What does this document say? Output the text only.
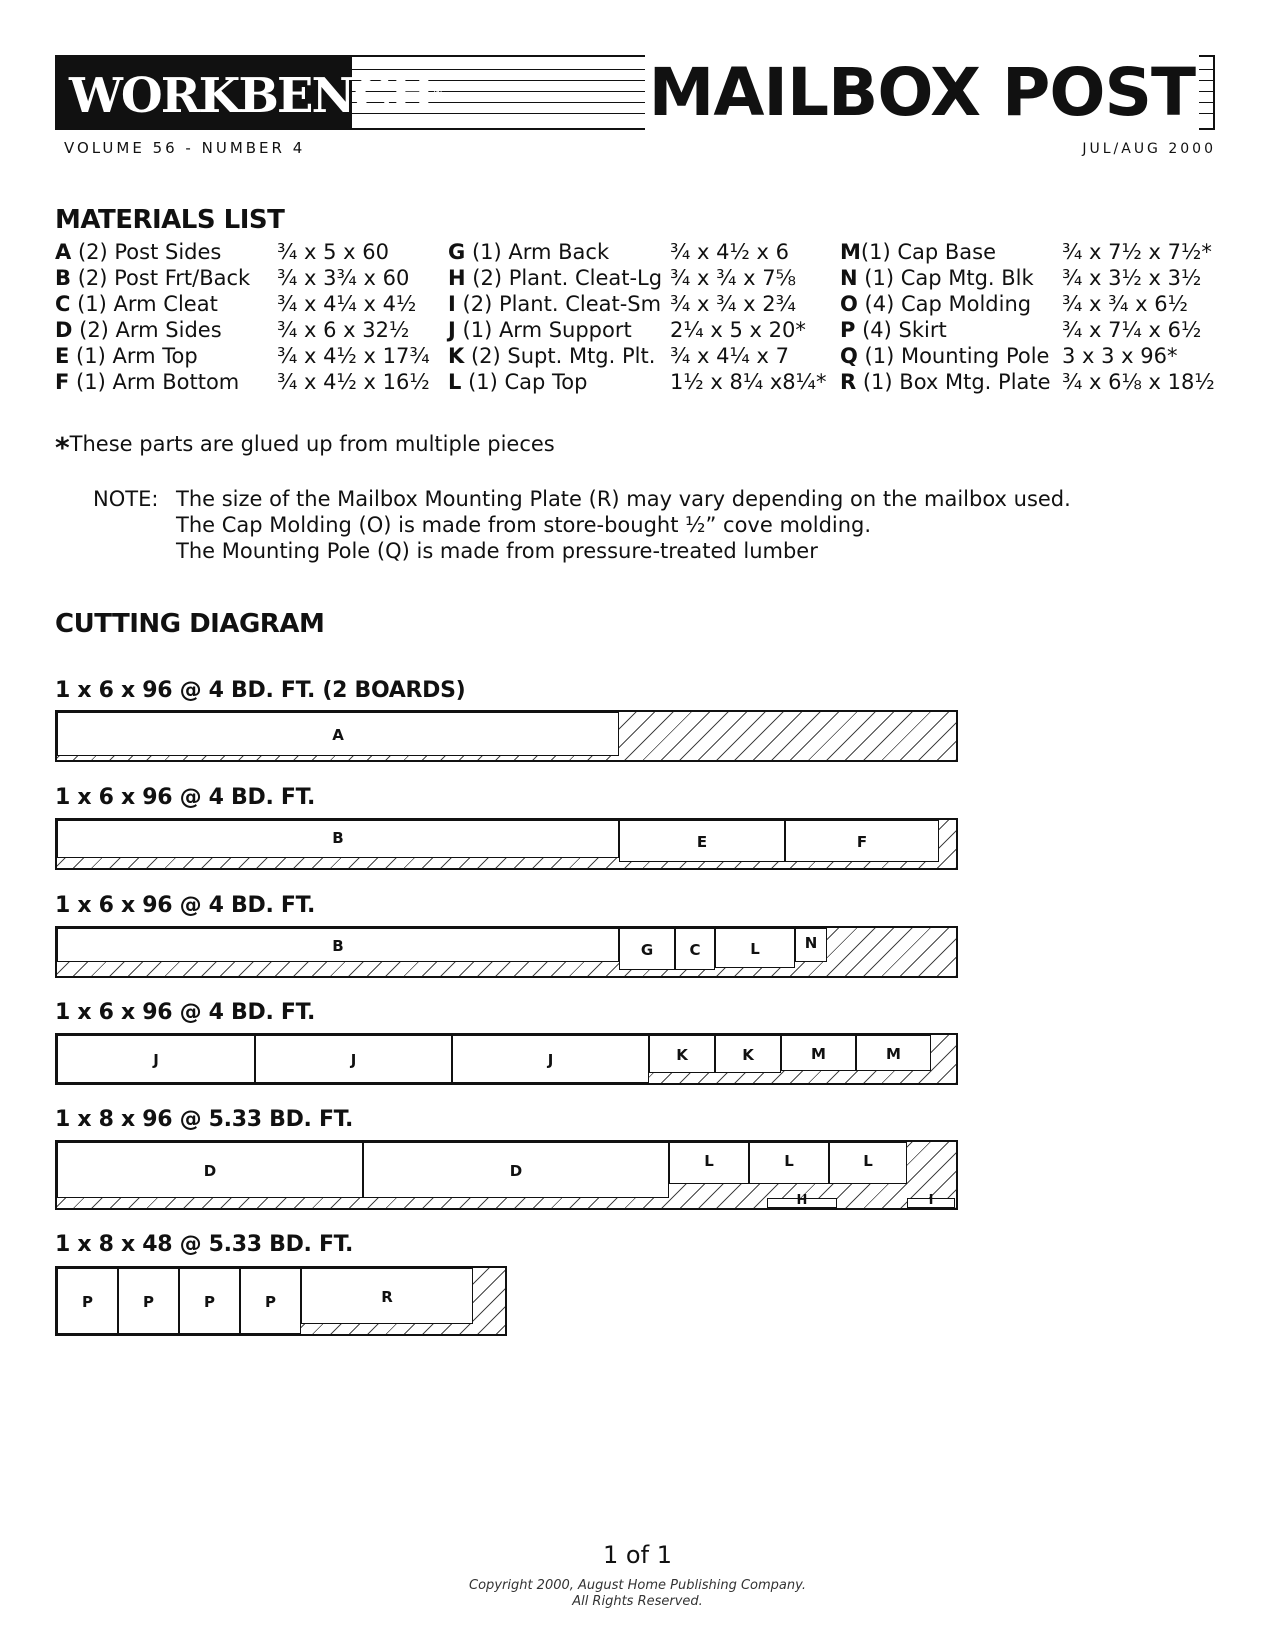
WORKBENCH®	MAILBOX POST
VOLUME 56 - NUMBER 4	JUL/AUG 2000
MATERIALS LIST
A (2) Post Sides	¾ x 5 x 60
B (2) Post Frt/Back ¾ x 3¾ x 60
C (1) Arm Cleat	¾ x 4¼ x 4½
D (2) Arm Sides	¾ x 6 x 32½
E (1) Arm Top	¾ x 4½ x 17¾
F (1) Arm Bottom ¾ x 4½ x 16½
G (1) Arm Back	¾ x 4½ x 6
H (2) Plant. Cleat-Lg ¾ x ¾ x 7⅝
I (2) Plant. Cleat-Sm ¾ x ¾ x 2¾
J (1) Arm Support 2¼ x 5 x 20*
K (2) Supt. Mtg. Plt. ¾ x 4¼ x 7
L (1) Cap Top	1½ x 8¼ x8¼*
M(1) Cap Base	¾ x 7½ x 7½*
N (1) Cap Mtg. Blk ¾ x 3½ x 3½
O (4) Cap Molding ¾ x ¾ x 6½
P (4) Skirt	¾ x 7¼ x 6½
Q (1) Mounting Pole 3 x 3 x 96*
R (1) Box Mtg. Plate ¾ x 6⅛ x 18½
*These parts are glued up from multiple pieces
NOTE: The size of the Mailbox Mounting Plate (R) may vary depending on the mailbox used.
The Cap Molding (O) is made from store-bought ½” cove molding.
The Mounting Pole (Q) is made from pressure-treated lumber
CUTTING DIAGRAM
1 x 6 x 96 @ 4 BD. FT. (2 BOARDS)
A
1 x 6 x 96 @ 4 BD. FT.
B	E	F
1 x 6 x 96 @ 4 BD. FT.
B	G	C	L	N
1 x 6 x 96 @ 4 BD. FT.
J	J	J	K	K	M	M
1 x 8 x 96 @ 5.33 BD. FT.
D	D
L	L	L
H	I
1 x 8 x 48 @ 5.33 BD. FT.
P	P	P	P	R
1 of 1
Copyright 2000, August Home Publishing Company.
All Rights Reserved.
